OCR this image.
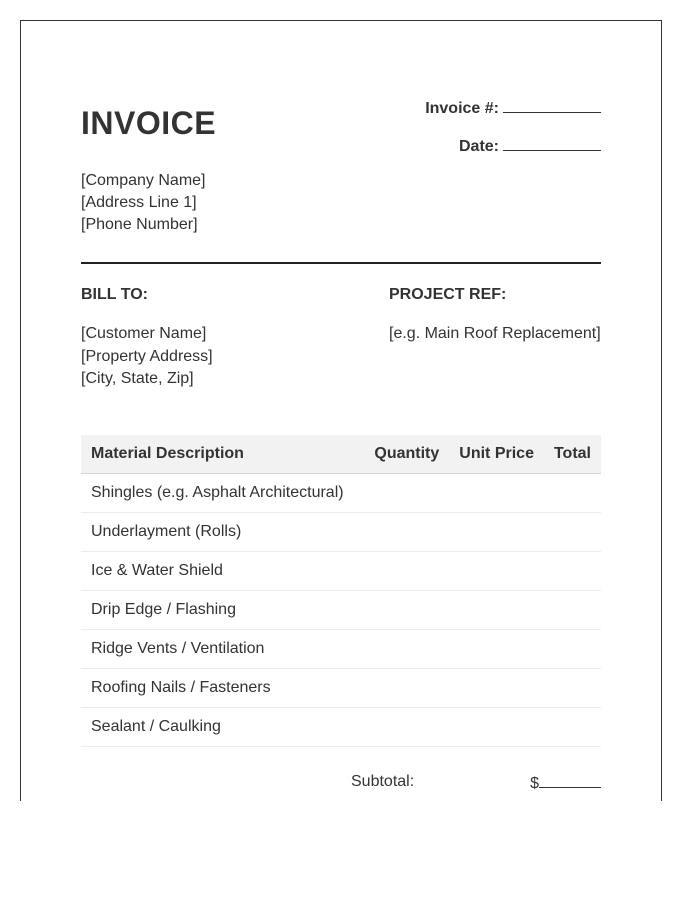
INVOICE	Invoice #:
Date:
[Company Name]
[Address Line 1]
[Phone Number]
BILL TO:	PROJECT REF:
[Customer Name]
[Property Address]
[City, State, Zip]
[e.g. Main Roof Replacement]
Material Description	Quantity	Unit Price	Total
Shingles (e.g. Asphalt Architectural)			
Underlayment (Rolls)			
Ice & Water Shield			
Drip Edge / Flashing			
Ridge Vents / Ventilation			
Roofing Nails / Fasteners			
Sealant / Caulking			
Subtotal:	$
